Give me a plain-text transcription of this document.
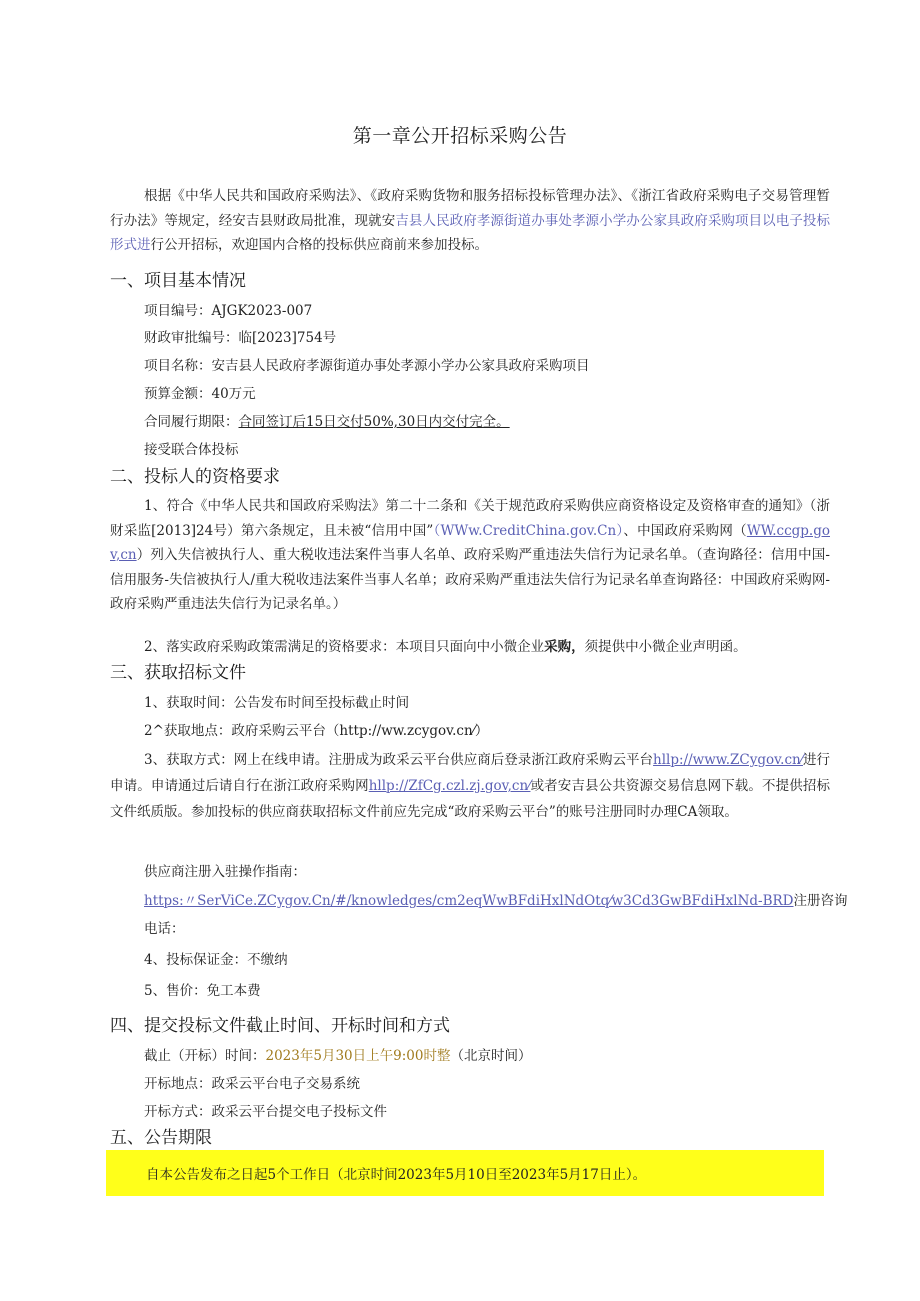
第一章公开招标采购公告
根据《中华人民共和国政府采购法》、《政府采购货物和服务招标投标管理办法》、《浙江省政府采购电子交易管理暂行办法》等规定，经安吉县财政局批准，现就安吉县人民政府孝源街道办事处孝源小学办公家具政府采购项目以电子投标形式进行公开招标，欢迎国内合格的投标供应商前来参加投标。
一、项目基本情况
项目编号：AJGK2023-007
财政审批编号：临[2023]754号
项目名称：安吉县人民政府孝源街道办事处孝源小学办公家具政府采购项目
预算金额：40万元
合同履行期限：合同签订后15日交付50%,30日内交付完全。
接受联合体投标
二、投标人的资格要求
1、符合《中华人民共和国政府采购法》第二十二条和《关于规范政府采购供应商资格设定及资格审查的通知》（浙财采监[2013]24号）第六条规定，且未被“信用中国”（WWw.CreditChina.gov.Cn）、中国政府采购网（WW.ccgp.gov,cn）列入失信被执行人、重大税收违法案件当事人名单、政府采购严重违法失信行为记录名单。（查询路径：信用中国-信用服务-失信被执行人/重大税收违法案件当事人名单；政府采购严重违法失信行为记录名单查询路径：中国政府采购网-政府采购严重违法失信行为记录名单。）
2、落实政府采购政策需满足的资格要求：本项目只面向中小微企业采购，须提供中小微企业声明函。
三、获取招标文件
1、获取时间：公告发布时间至投标截止时间
2^获取地点：政府采购云平台（http://ww.zcygov.cn⁄）
3、获取方式：网上在线申请。注册成为政采云平台供应商后登录浙江政府采购云平台hllp://www.ZCygov.cn⁄进行申请。申请通过后请自行在浙江政府采购网hllp://ZfCg.czl.zj.gov,cn⁄或者安吉县公共资源交易信息网下载。不提供招标文件纸质版。参加投标的供应商获取招标文件前应先完成“政府采购云平台”的账号注册同时办理CA领取。
供应商注册入驻操作指南：
https:〃SerViCe.ZCygov.Cn/#/knowledges/cm2eqWwBFdiHxlNdOtq⁄w3Cd3GwBFdiHxlNd-BRD注册咨询
电话：
4、投标保证金：不缴纳
5、售价：免工本费
四、提交投标文件截止时间、开标时间和方式
截止（开标）时间：2023年5月30日上午9:00时整（北京时间）
开标地点：政采云平台电子交易系统
开标方式：政采云平台提交电子投标文件
五、公告期限
自本公告发布之日起5个工作日（北京时间2023年5月10日至2023年5月17日止）。
